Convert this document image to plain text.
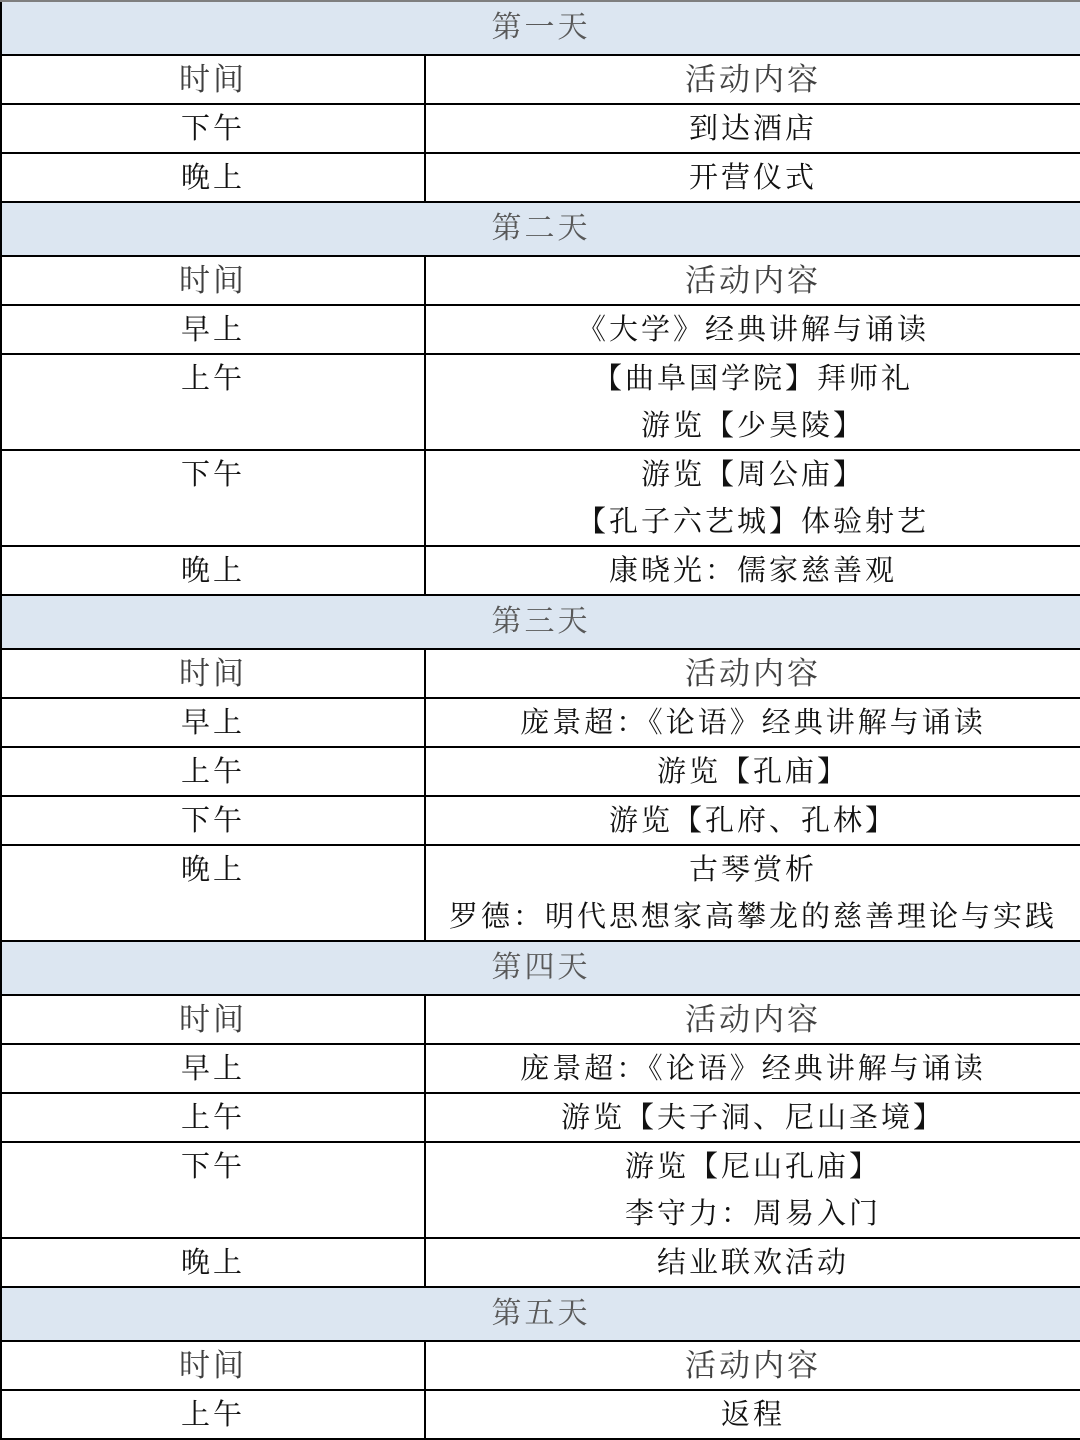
第一天	
时间	活动内容
下午	到达酒店

晚上	开营仪式

第二天	
时间	活动内容
早上	《大学》经典讲解与诵读

上午	【曲阜国学院】拜师礼
游览【少昊陵】

下午	游览【周公庙】
【孔子六艺城】体验射艺

晚上	康晓光：儒家慈善观

第三天	
时间	活动内容
早上	庞景超：《论语》经典讲解与诵读

上午	游览【孔庙】

下午	游览【孔府、孔林】

晚上	古琴赏析
罗德：明代思想家高攀龙的慈善理论与实践

第四天	
时间	活动内容
早上	庞景超：《论语》经典讲解与诵读

上午	游览【夫子洞、尼山圣境】

下午	游览【尼山孔庙】
李守力：周易入门

晚上	结业联欢活动

第五天	
时间	活动内容
上午	返程
